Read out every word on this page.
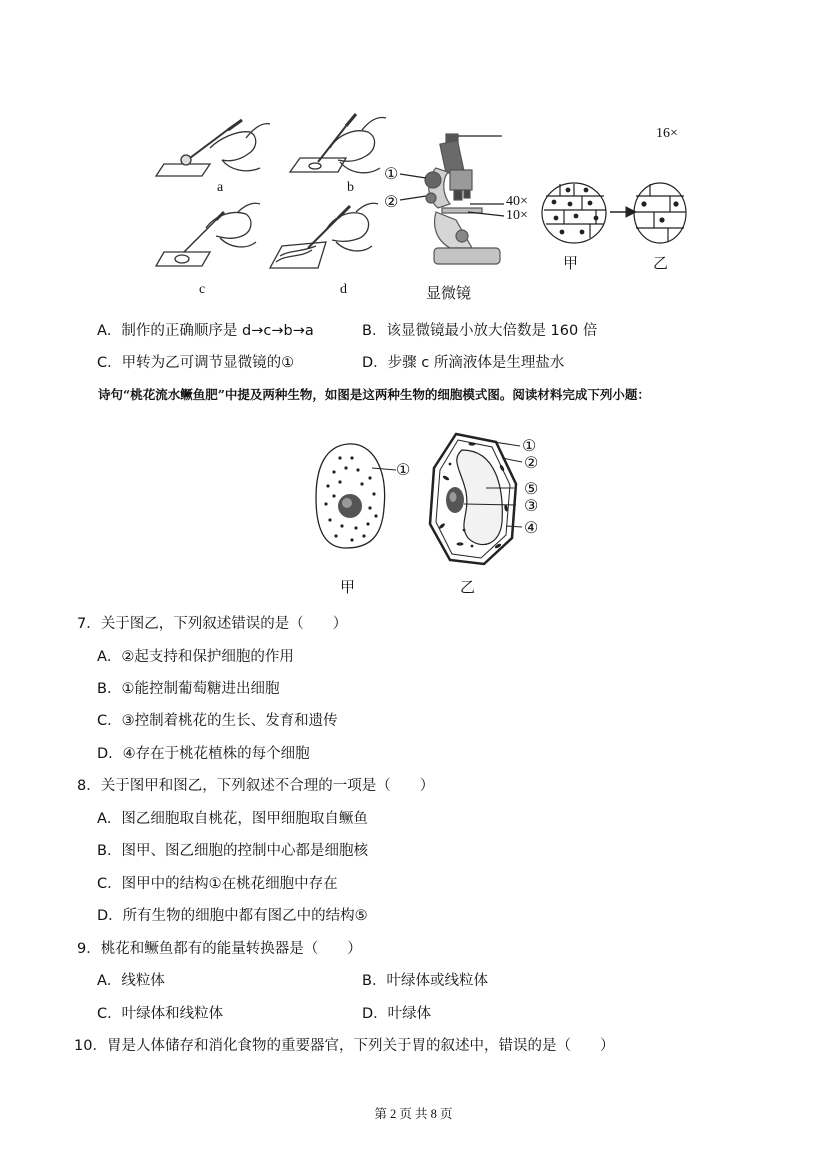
a	b
c	d
16×
①
②	40×
10×
显微镜
甲	乙
A．制作的正确顺序是 d→c→b→a	B．该显微镜最小放大倍数是 160 倍
C．甲转为乙可调节显微镜的①	D．步骤 c 所滴液体是生理盐水
诗句“桃花流水鳜鱼肥”中提及两种生物，如图是这两种生物的细胞模式图。阅读材料完成下列小题：
①
①
②
⑤
③
④
甲	乙
7．关于图乙，下列叙述错误的是（　　）
A．②起支持和保护细胞的作用
B．①能控制葡萄糖进出细胞
C．③控制着桃花的生长、发育和遗传
D．④存在于桃花植株的每个细胞
8．关于图甲和图乙，下列叙述不合理的一项是（　　）
A．图乙细胞取自桃花，图甲细胞取自鳜鱼
B．图甲、图乙细胞的控制中心都是细胞核
C．图甲中的结构①在桃花细胞中存在
D．所有生物的细胞中都有图乙中的结构⑤
9．桃花和鳜鱼都有的能量转换器是（　　）
A．线粒体	B．叶绿体或线粒体
C．叶绿体和线粒体	D．叶绿体
10．胃是人体储存和消化食物的重要器官，下列关于胃的叙述中，错误的是（　　）
第 2 页 共 8 页
